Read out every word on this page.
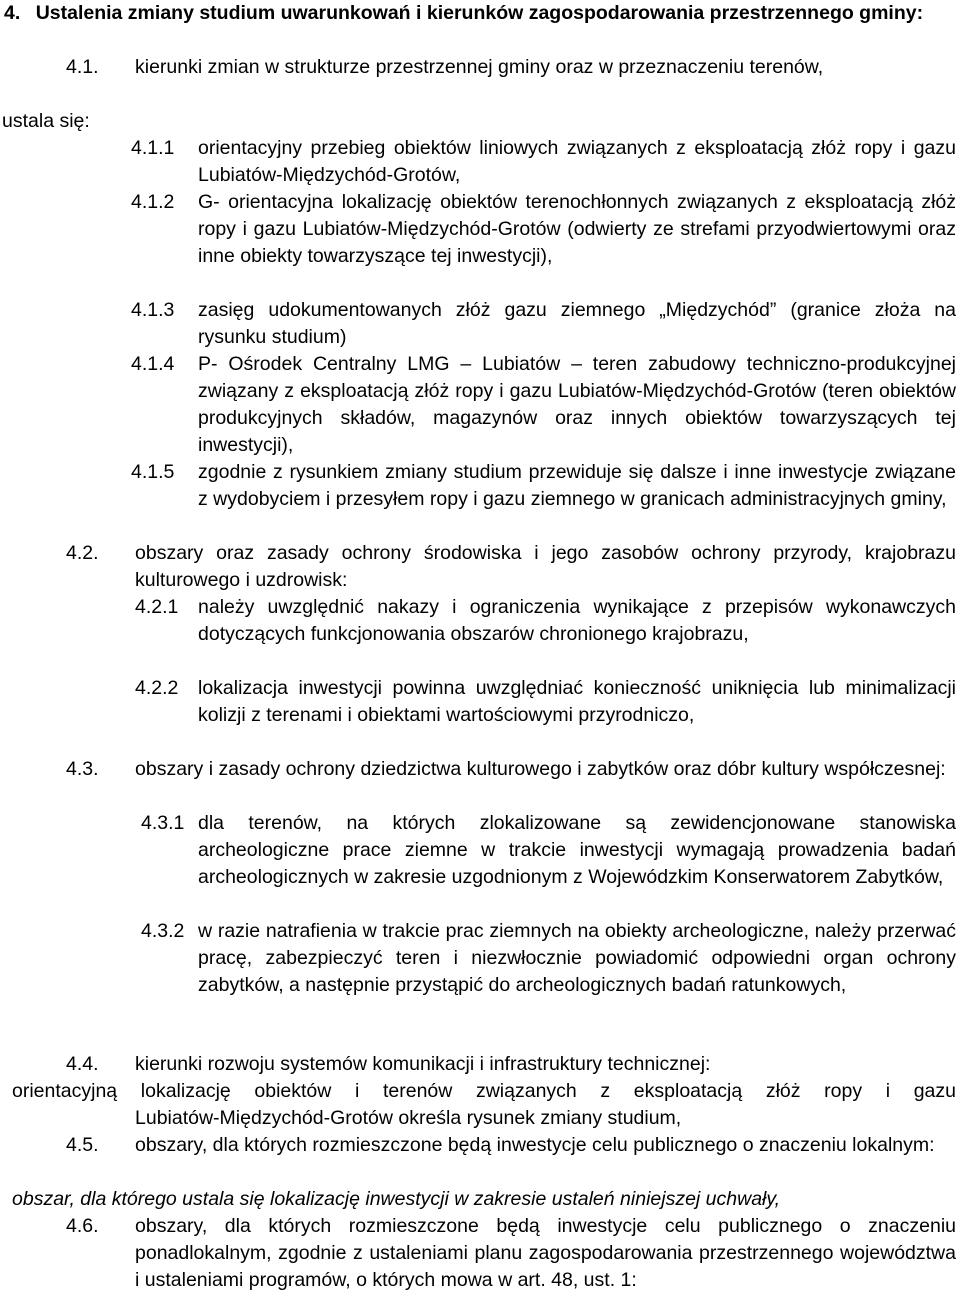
4. Ustalenia zmiany studium uwarunkowań i kierunków zagospodarowania przestrzennego gminy:
4.1.	kierunki zmian w strukturze przestrzennej gminy oraz w przeznaczeniu terenów,
ustala się:
4.1.1	orientacyjny przebieg obiektów liniowych związanych z eksploatacją złóż ropy i gazu Lubiatów-Międzychód-Grotów,
4.1.2	G- orientacyjna lokalizację obiektów terenochłonnych związanych z eksploatacją złóż ropy i gazu Lubiatów-Międzychód-Grotów (odwierty ze strefami przyodwiertowymi oraz inne obiekty towarzyszące tej inwestycji),
4.1.3	zasięg udokumentowanych złóż gazu ziemnego „Międzychód” (granice złoża na rysunku studium)
4.1.4	P- Ośrodek Centralny LMG – Lubiatów – teren zabudowy techniczno-produkcyjnej związany z eksploatacją złóż ropy i gazu Lubiatów-Międzychód-Grotów (teren obiektów produkcyjnych składów, magazynów oraz innych obiektów towarzyszących tej inwestycji),
4.1.5	zgodnie z rysunkiem zmiany studium przewiduje się dalsze i inne inwestycje związane z wydobyciem i przesyłem ropy i gazu ziemnego w granicach administracyjnych gminy,
4.2.	obszary oraz zasady ochrony środowiska i jego zasobów ochrony przyrody, krajobrazu kulturowego i uzdrowisk:
4.2.1	należy uwzględnić nakazy i ograniczenia wynikające z przepisów wykonawczych dotyczących funkcjonowania obszarów chronionego krajobrazu,
4.2.2	lokalizacja inwestycji powinna uwzględniać konieczność uniknięcia lub minimalizacji kolizji z terenami i obiektami wartościowymi przyrodniczo,
4.3.	obszary i zasady ochrony dziedzictwa kulturowego i zabytków oraz dóbr kultury współczesnej:
4.3.1 dla terenów, na których zlokalizowane są zewidencjonowane stanowiska archeologiczne prace ziemne w trakcie inwestycji wymagają prowadzenia badań archeologicznych w zakresie uzgodnionym z Wojewódzkim Konserwatorem Zabytków,
4.3.2 w razie natrafienia w trakcie prac ziemnych na obiekty archeologiczne, należy przerwać pracę, zabezpieczyć teren i niezwłocznie powiadomić odpowiedni organ ochrony zabytków, a następnie przystąpić do archeologicznych badań ratunkowych,
4.4.	kierunki rozwoju systemów komunikacji i infrastruktury technicznej:
orientacyjną lokalizację obiektów i terenów związanych z eksploatacją złóż ropy i gazu
Lubiatów-Międzychód-Grotów określa rysunek zmiany studium,
4.5.	obszary, dla których rozmieszczone będą inwestycje celu publicznego o znaczeniu lokalnym:
obszar, dla którego ustala się lokalizację inwestycji w zakresie ustaleń niniejszej uchwały,
4.6.	obszary, dla których rozmieszczone będą inwestycje celu publicznego o znaczeniu ponadlokalnym, zgodnie z ustaleniami planu zagospodarowania przestrzennego województwa i ustaleniami programów, o których mowa w art. 48, ust. 1:
